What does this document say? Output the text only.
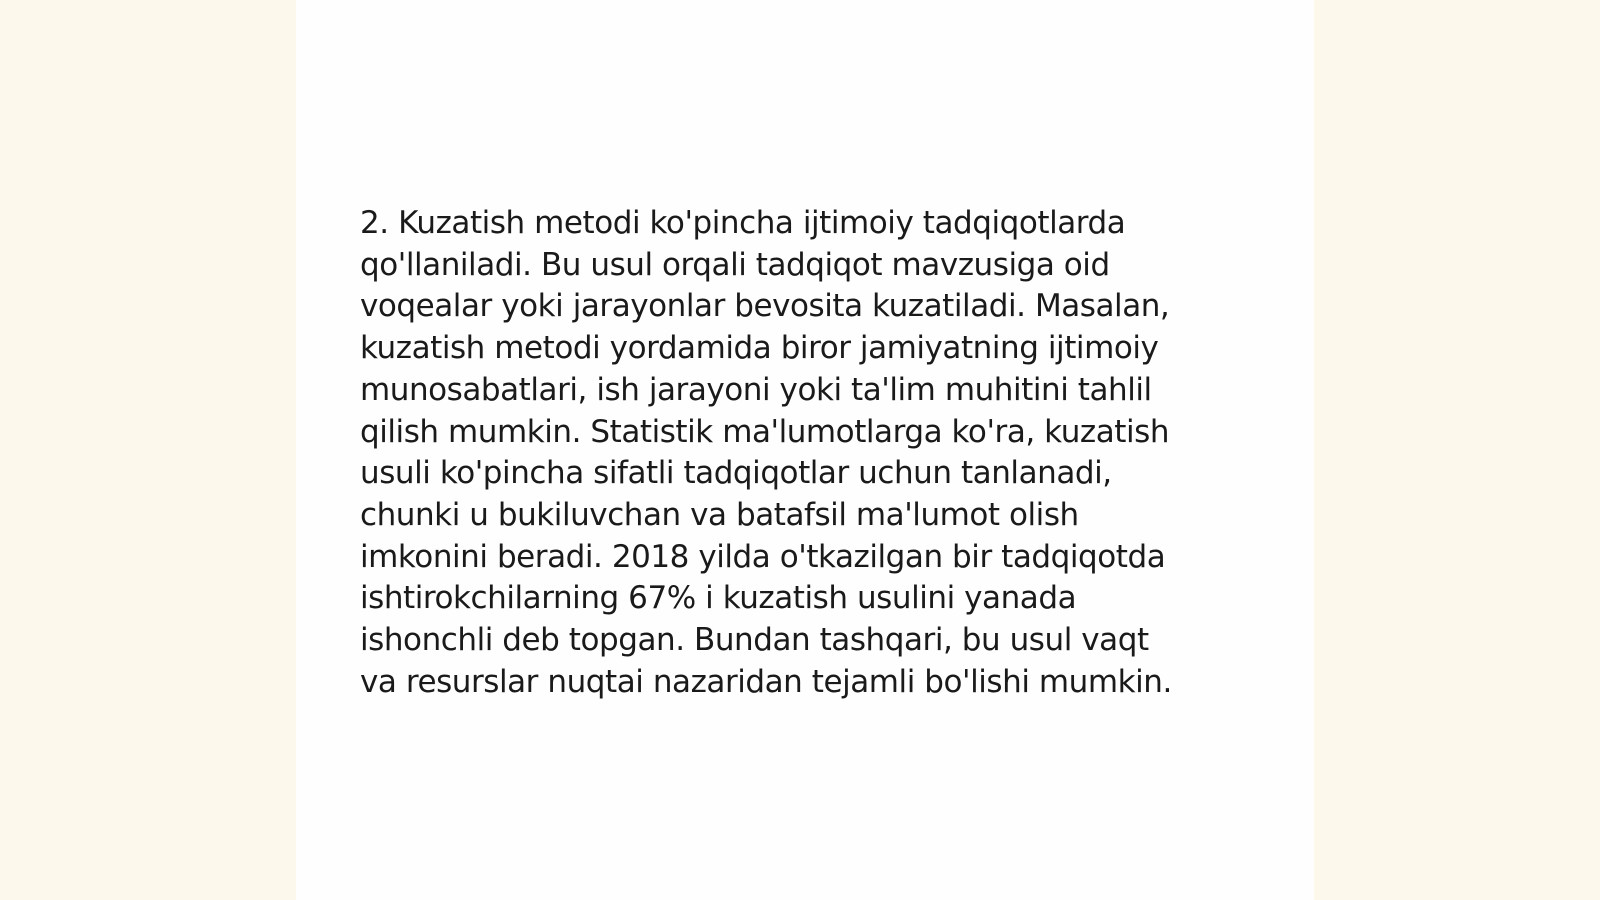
2. Kuzatish metodi ko'pincha ijtimoiy tadqiqotlarda
qo'llaniladi. Bu usul orqali tadqiqot mavzusiga oid
voqealar yoki jarayonlar bevosita kuzatiladi. Masalan,
kuzatish metodi yordamida biror jamiyatning ijtimoiy
munosabatlari, ish jarayoni yoki ta'lim muhitini tahlil
qilish mumkin. Statistik ma'lumotlarga ko'ra, kuzatish
usuli ko'pincha sifatli tadqiqotlar uchun tanlanadi,
chunki u bukiluvchan va batafsil ma'lumot olish
imkonini beradi. 2018 yilda o'tkazilgan bir tadqiqotda
ishtirokchilarning 67% i kuzatish usulini yanada
ishonchli deb topgan. Bundan tashqari, bu usul vaqt
va resurslar nuqtai nazaridan tejamli bo'lishi mumkin.
